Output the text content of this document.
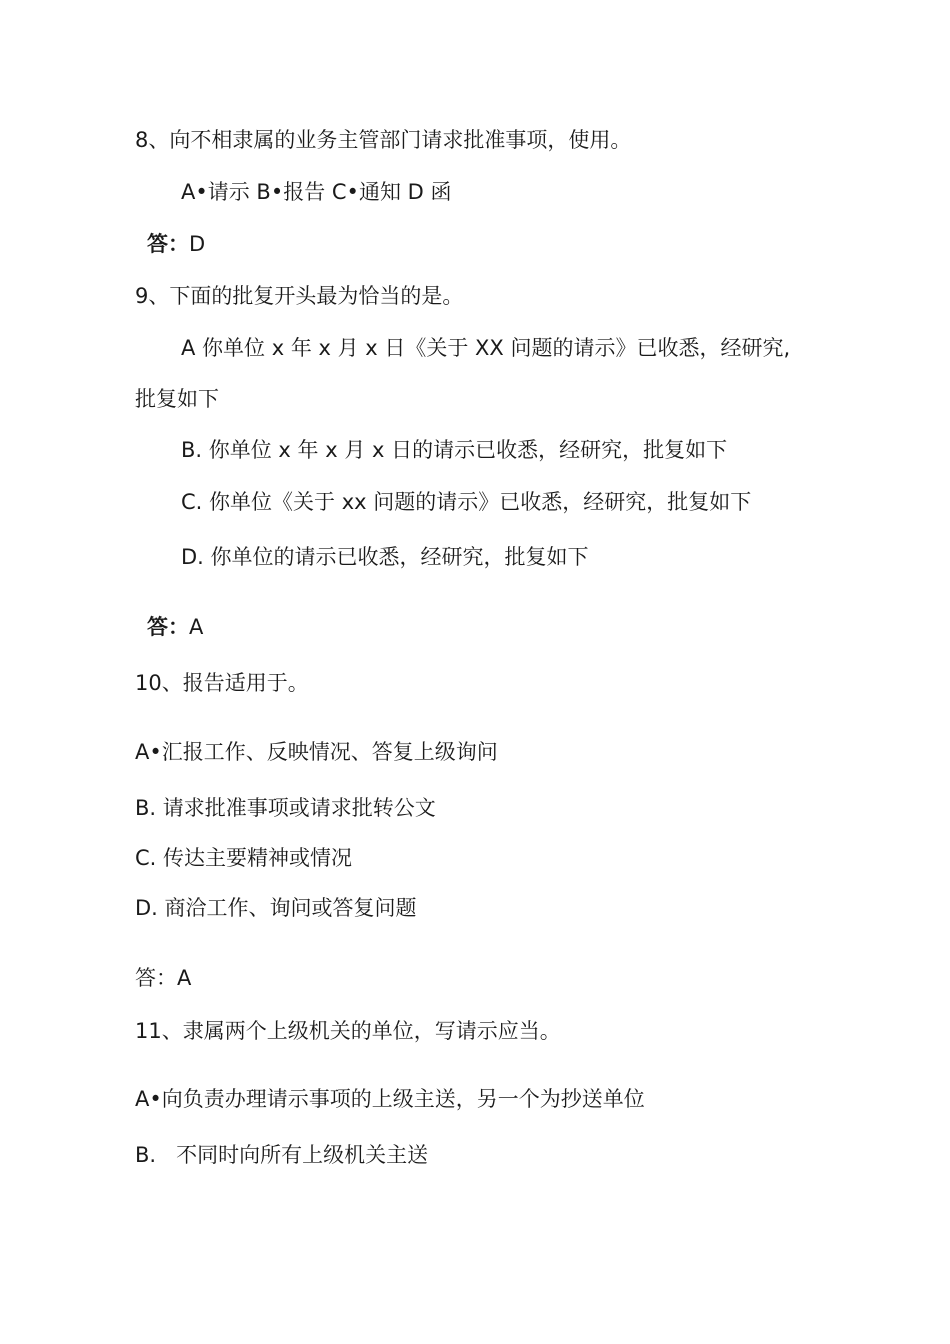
8、向不相隶属的业务主管部门请求批准事项，使用。
A•请示 B•报告 C•通知 D 函
答：D
9、下面的批复开头最为恰当的是。
A 你单位 x 年 x 月 x 日《关于 XX 问题的请示》已收悉，经研究,
批复如下
B. 你单位 x 年 x 月 x 日的请示已收悉，经研究，批复如下
C. 你单位《关于 xx 问题的请示》已收悉，经研究，批复如下
D. 你单位的请示已收悉，经研究，批复如下
答：A
10、报告适用于。
A•汇报工作、反映情况、答复上级询问
B. 请求批准事项或请求批转公文
C. 传达主要精神或情况
D. 商洽工作、询问或答复问题
答：A
11、隶属两个上级机关的单位，写请示应当。
A•向负责办理请示事项的上级主送，另一个为抄送单位
B.   不同时向所有上级机关主送
